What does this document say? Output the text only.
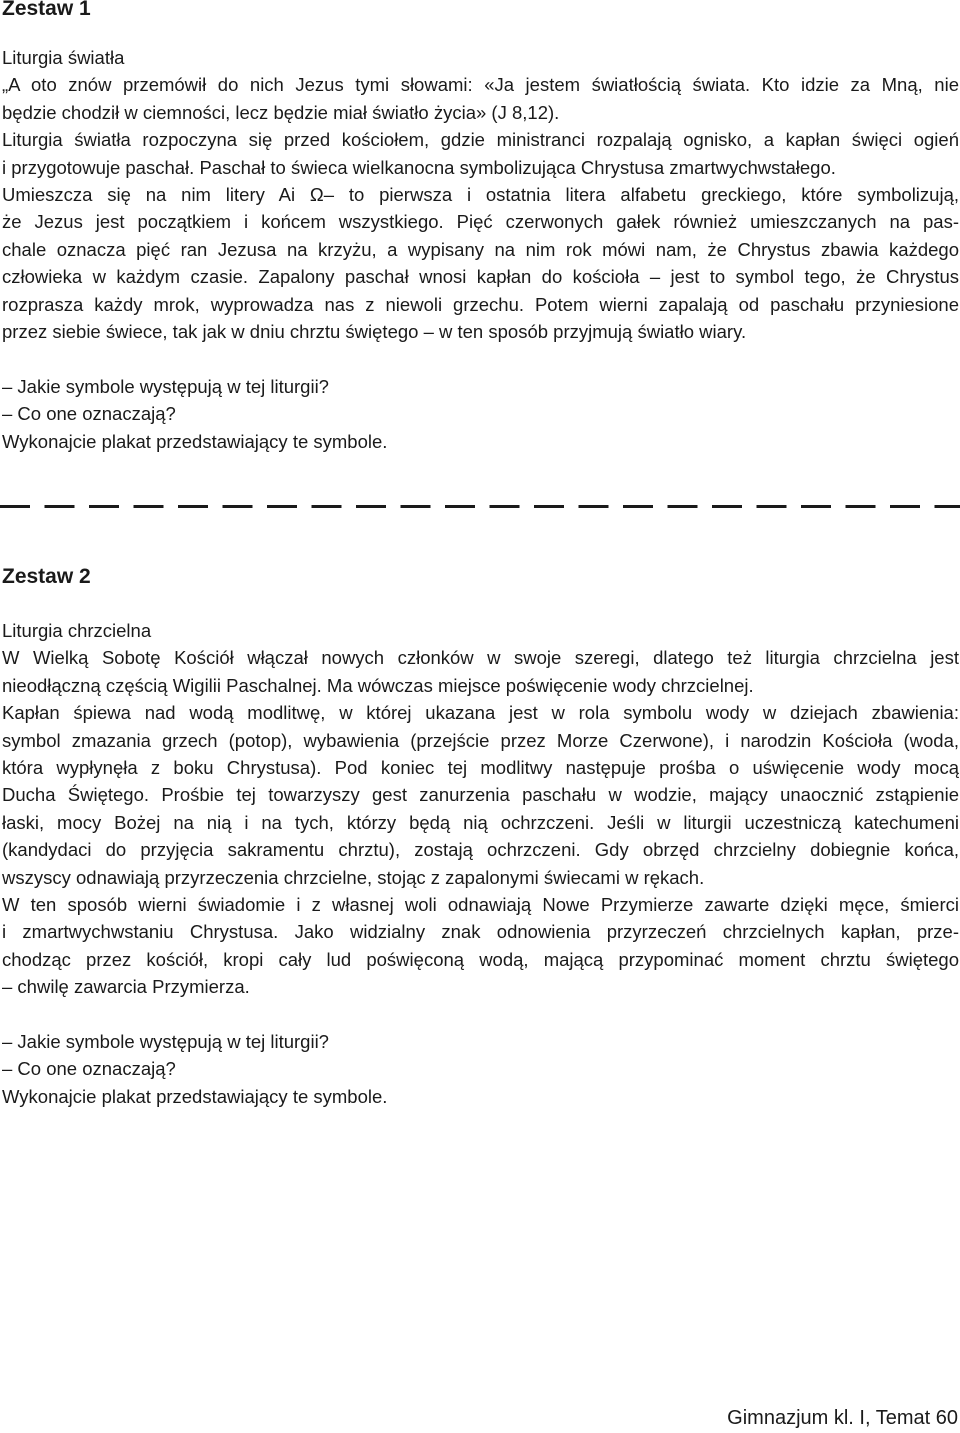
Zestaw 1

Liturgia światła

„A oto znów przemówił do nich Jezus tymi słowami: «Ja jestem światłością świata. Kto idzie za Mną, nie

będzie chodził w ciemności, lecz będzie miał światło życia» (J 8,12).

Liturgia światła rozpoczyna się przed kościołem, gdzie ministranci rozpalają ognisko, a kapłan święci ogień

i przygotowuje paschał. Paschał to świeca wielkanocna symbolizująca Chrystusa zmartwychwstałego.

Umieszcza się na nim litery Ai Ω– to pierwsza i ostatnia litera alfabetu greckiego, które symbolizują,

że Jezus jest początkiem i końcem wszystkiego. Pięć czerwonych gałek również umieszczanych na pas-

chale oznacza pięć ran Jezusa na krzyżu, a wypisany na nim rok mówi nam, że Chrystus zbawia każdego

człowieka w każdym czasie. Zapalony paschał wnosi kapłan do kościoła – jest to symbol tego, że Chrystus

rozprasza każdy mrok, wyprowadza nas z niewoli grzechu. Potem wierni zapalają od paschału przyniesione

przez siebie świece, tak jak w dniu chrztu świętego – w ten sposób przyjmują światło wiary.

– Jakie symbole występują w tej liturgii?

– Co one oznaczają?

Wykonajcie plakat przedstawiający te symbole.

Zestaw 2

Liturgia chrzcielna

W Wielką Sobotę Kościół włączał nowych członków w swoje szeregi, dlatego też liturgia chrzcielna jest

nieodłączną częścią Wigilii Paschalnej. Ma wówczas miejsce poświęcenie wody chrzcielnej.

Kapłan śpiewa nad wodą modlitwę, w której ukazana jest w rola symbolu wody w dziejach zbawienia:

symbol zmazania grzech (potop), wybawienia (przejście przez Morze Czerwone), i narodzin Kościoła (woda,

która wypłynęła z boku Chrystusa). Pod koniec tej modlitwy następuje prośba o uświęcenie wody mocą

Ducha Świętego. Prośbie tej towarzyszy gest zanurzenia paschału w wodzie, mający unaocznić zstąpienie

łaski, mocy Bożej na nią i na tych, którzy będą nią ochrzczeni. Jeśli w liturgii uczestniczą katechumeni

(kandydaci do przyjęcia sakramentu chrztu), zostają ochrzczeni. Gdy obrzęd chrzcielny dobiegnie końca,

wszyscy odnawiają przyrzeczenia chrzcielne, stojąc z zapalonymi świecami w rękach.

W ten sposób wierni świadomie i z własnej woli odnawiają Nowe Przymierze zawarte dzięki męce, śmierci

i zmartwychwstaniu Chrystusa. Jako widzialny znak odnowienia przyrzeczeń chrzcielnych kapłan, prze-

chodząc przez kościół, kropi cały lud poświęconą wodą, mającą przypominać moment chrztu świętego

– chwilę zawarcia Przymierza.

– Jakie symbole występują w tej liturgii?

– Co one oznaczają?

Wykonajcie plakat przedstawiający te symbole.

Gimnazjum kl. I, Temat 60
